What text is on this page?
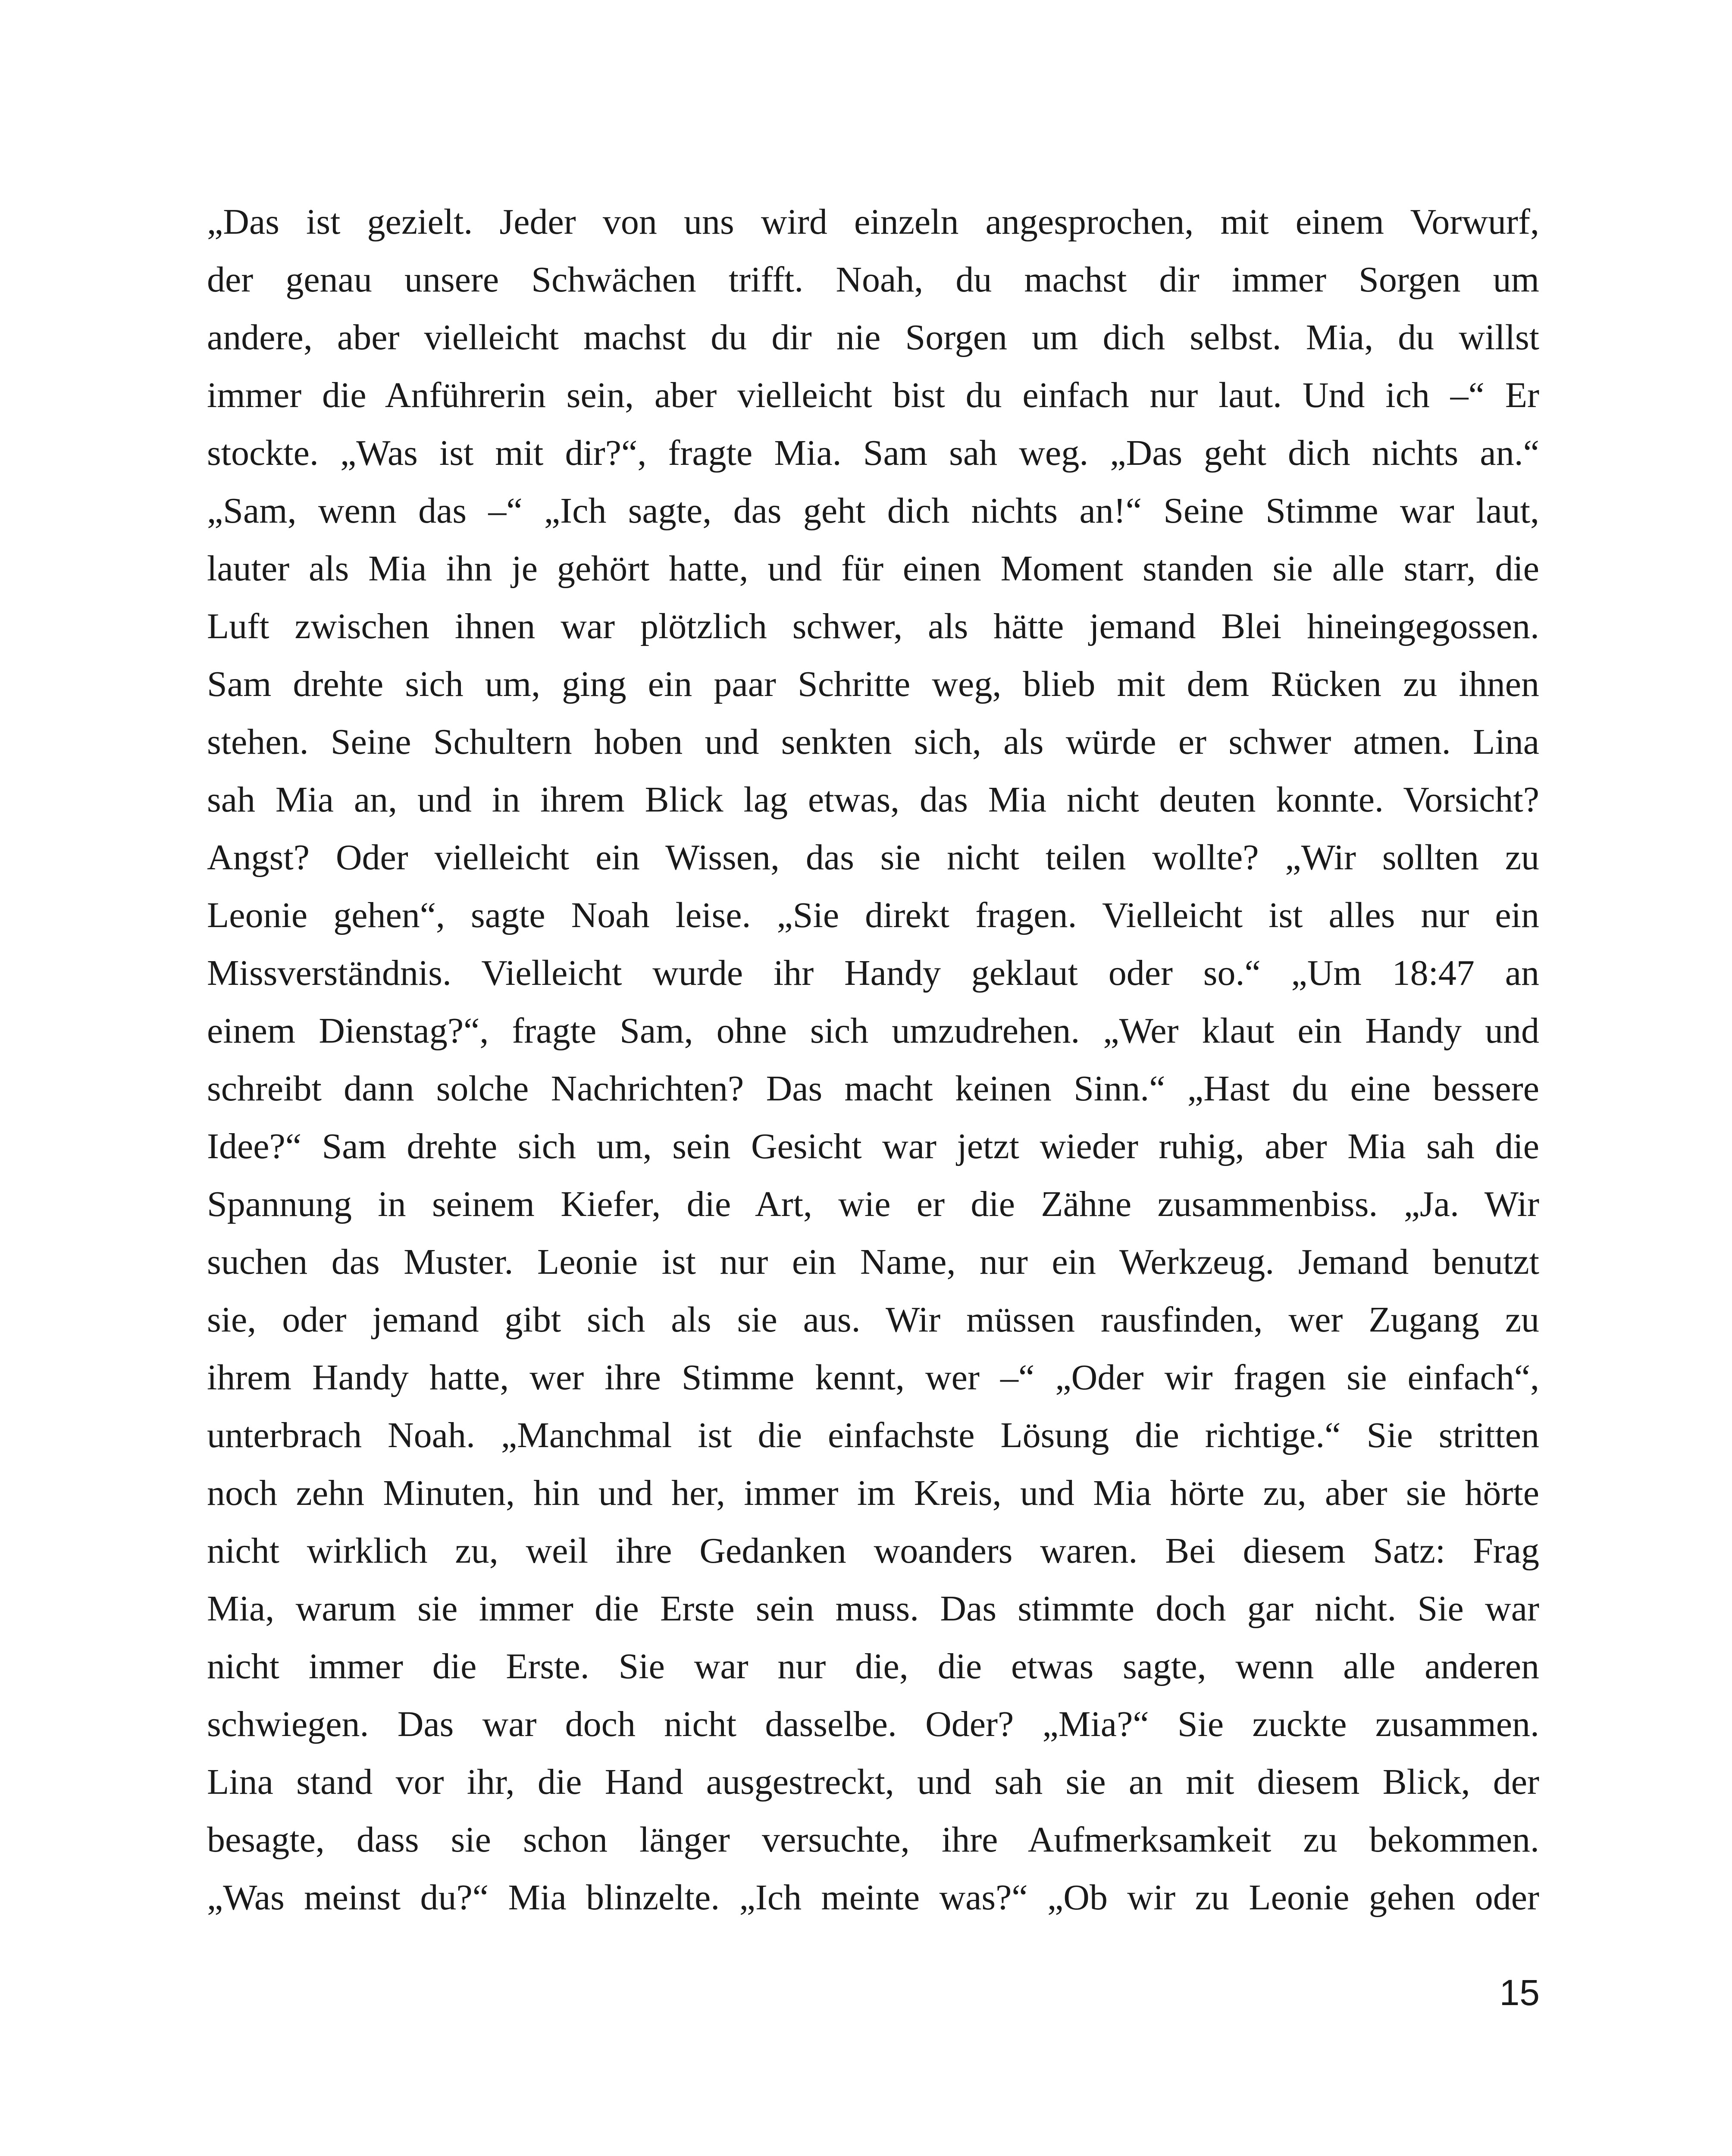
„Das ist gezielt. Jeder von uns wird einzeln angesprochen, mit einem Vorwurf,
der genau unsere Schwächen trifft. Noah, du machst dir immer Sorgen um
andere, aber vielleicht machst du dir nie Sorgen um dich selbst. Mia, du willst
immer die Anführerin sein, aber vielleicht bist du einfach nur laut. Und ich –“ Er
stockte. „Was ist mit dir?“, fragte Mia. Sam sah weg. „Das geht dich nichts an.“
„Sam, wenn das –“ „Ich sagte, das geht dich nichts an!“ Seine Stimme war laut,
lauter als Mia ihn je gehört hatte, und für einen Moment standen sie alle starr, die
Luft zwischen ihnen war plötzlich schwer, als hätte jemand Blei hineingegossen.
Sam drehte sich um, ging ein paar Schritte weg, blieb mit dem Rücken zu ihnen
stehen. Seine Schultern hoben und senkten sich, als würde er schwer atmen. Lina
sah Mia an, und in ihrem Blick lag etwas, das Mia nicht deuten konnte. Vorsicht?
Angst? Oder vielleicht ein Wissen, das sie nicht teilen wollte? „Wir sollten zu
Leonie gehen“, sagte Noah leise. „Sie direkt fragen. Vielleicht ist alles nur ein
Missverständnis. Vielleicht wurde ihr Handy geklaut oder so.“ „Um 18:47 an
einem Dienstag?“, fragte Sam, ohne sich umzudrehen. „Wer klaut ein Handy und
schreibt dann solche Nachrichten? Das macht keinen Sinn.“ „Hast du eine bessere
Idee?“ Sam drehte sich um, sein Gesicht war jetzt wieder ruhig, aber Mia sah die
Spannung in seinem Kiefer, die Art, wie er die Zähne zusammenbiss. „Ja. Wir
suchen das Muster. Leonie ist nur ein Name, nur ein Werkzeug. Jemand benutzt
sie, oder jemand gibt sich als sie aus. Wir müssen rausfinden, wer Zugang zu
ihrem Handy hatte, wer ihre Stimme kennt, wer –“ „Oder wir fragen sie einfach“,
unterbrach Noah. „Manchmal ist die einfachste Lösung die richtige.“ Sie stritten
noch zehn Minuten, hin und her, immer im Kreis, und Mia hörte zu, aber sie hörte
nicht wirklich zu, weil ihre Gedanken woanders waren. Bei diesem Satz: Frag
Mia, warum sie immer die Erste sein muss. Das stimmte doch gar nicht. Sie war
nicht immer die Erste. Sie war nur die, die etwas sagte, wenn alle anderen
schwiegen. Das war doch nicht dasselbe. Oder? „Mia?“ Sie zuckte zusammen.
Lina stand vor ihr, die Hand ausgestreckt, und sah sie an mit diesem Blick, der
besagte, dass sie schon länger versuchte, ihre Aufmerksamkeit zu bekommen.
„Was meinst du?“ Mia blinzelte. „Ich meinte was?“ „Ob wir zu Leonie gehen oder
15
